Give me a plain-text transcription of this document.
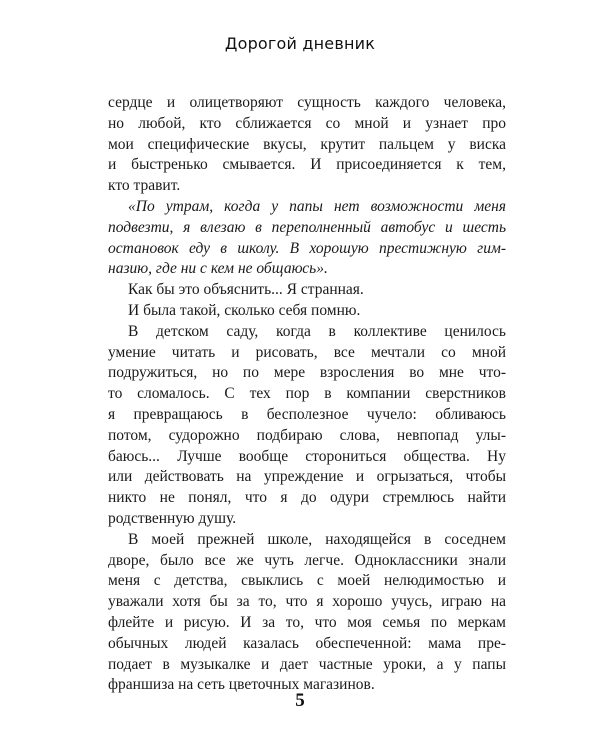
Дорогой дневник
сердце и олицетворяют сущность каждого человека,
но любой, кто сближается со мной и узнает про
мои специфические вкусы, крутит пальцем у виска
и быстренько смывается. И присоединяется к тем,
кто травит.
«По утрам, когда у папы нет возможности меня
подвезти, я влезаю в переполненный автобус и шесть
остановок еду в школу. В хорошую престижную гим-
назию, где ни с кем не общаюсь».
Как бы это объяснить... Я странная.
И была такой, сколько себя помню.
В детском саду, когда в коллективе ценилось
умение читать и рисовать, все мечтали со мной
подружиться, но по мере взросления во мне что-
то сломалось. С тех пор в компании сверстников
я превращаюсь в бесполезное чучело: обливаюсь
потом, судорожно подбираю слова, невпопад улы-
баюсь... Лучше вообще сторониться общества. Ну
или действовать на упреждение и огрызаться, чтобы
никто не понял, что я до одури стремлюсь найти
родственную душу.
В моей прежней школе, находящейся в соседнем
дворе, было все же чуть легче. Одноклассники знали
меня с детства, свыклись с моей нелюдимостью и
уважали хотя бы за то, что я хорошо учусь, играю на
флейте и рисую. И за то, что моя семья по меркам
обычных людей казалась обеспеченной: мама пре-
подает в музыкалке и дает частные уроки, а у папы
франшиза на сеть цветочных магазинов.
5
